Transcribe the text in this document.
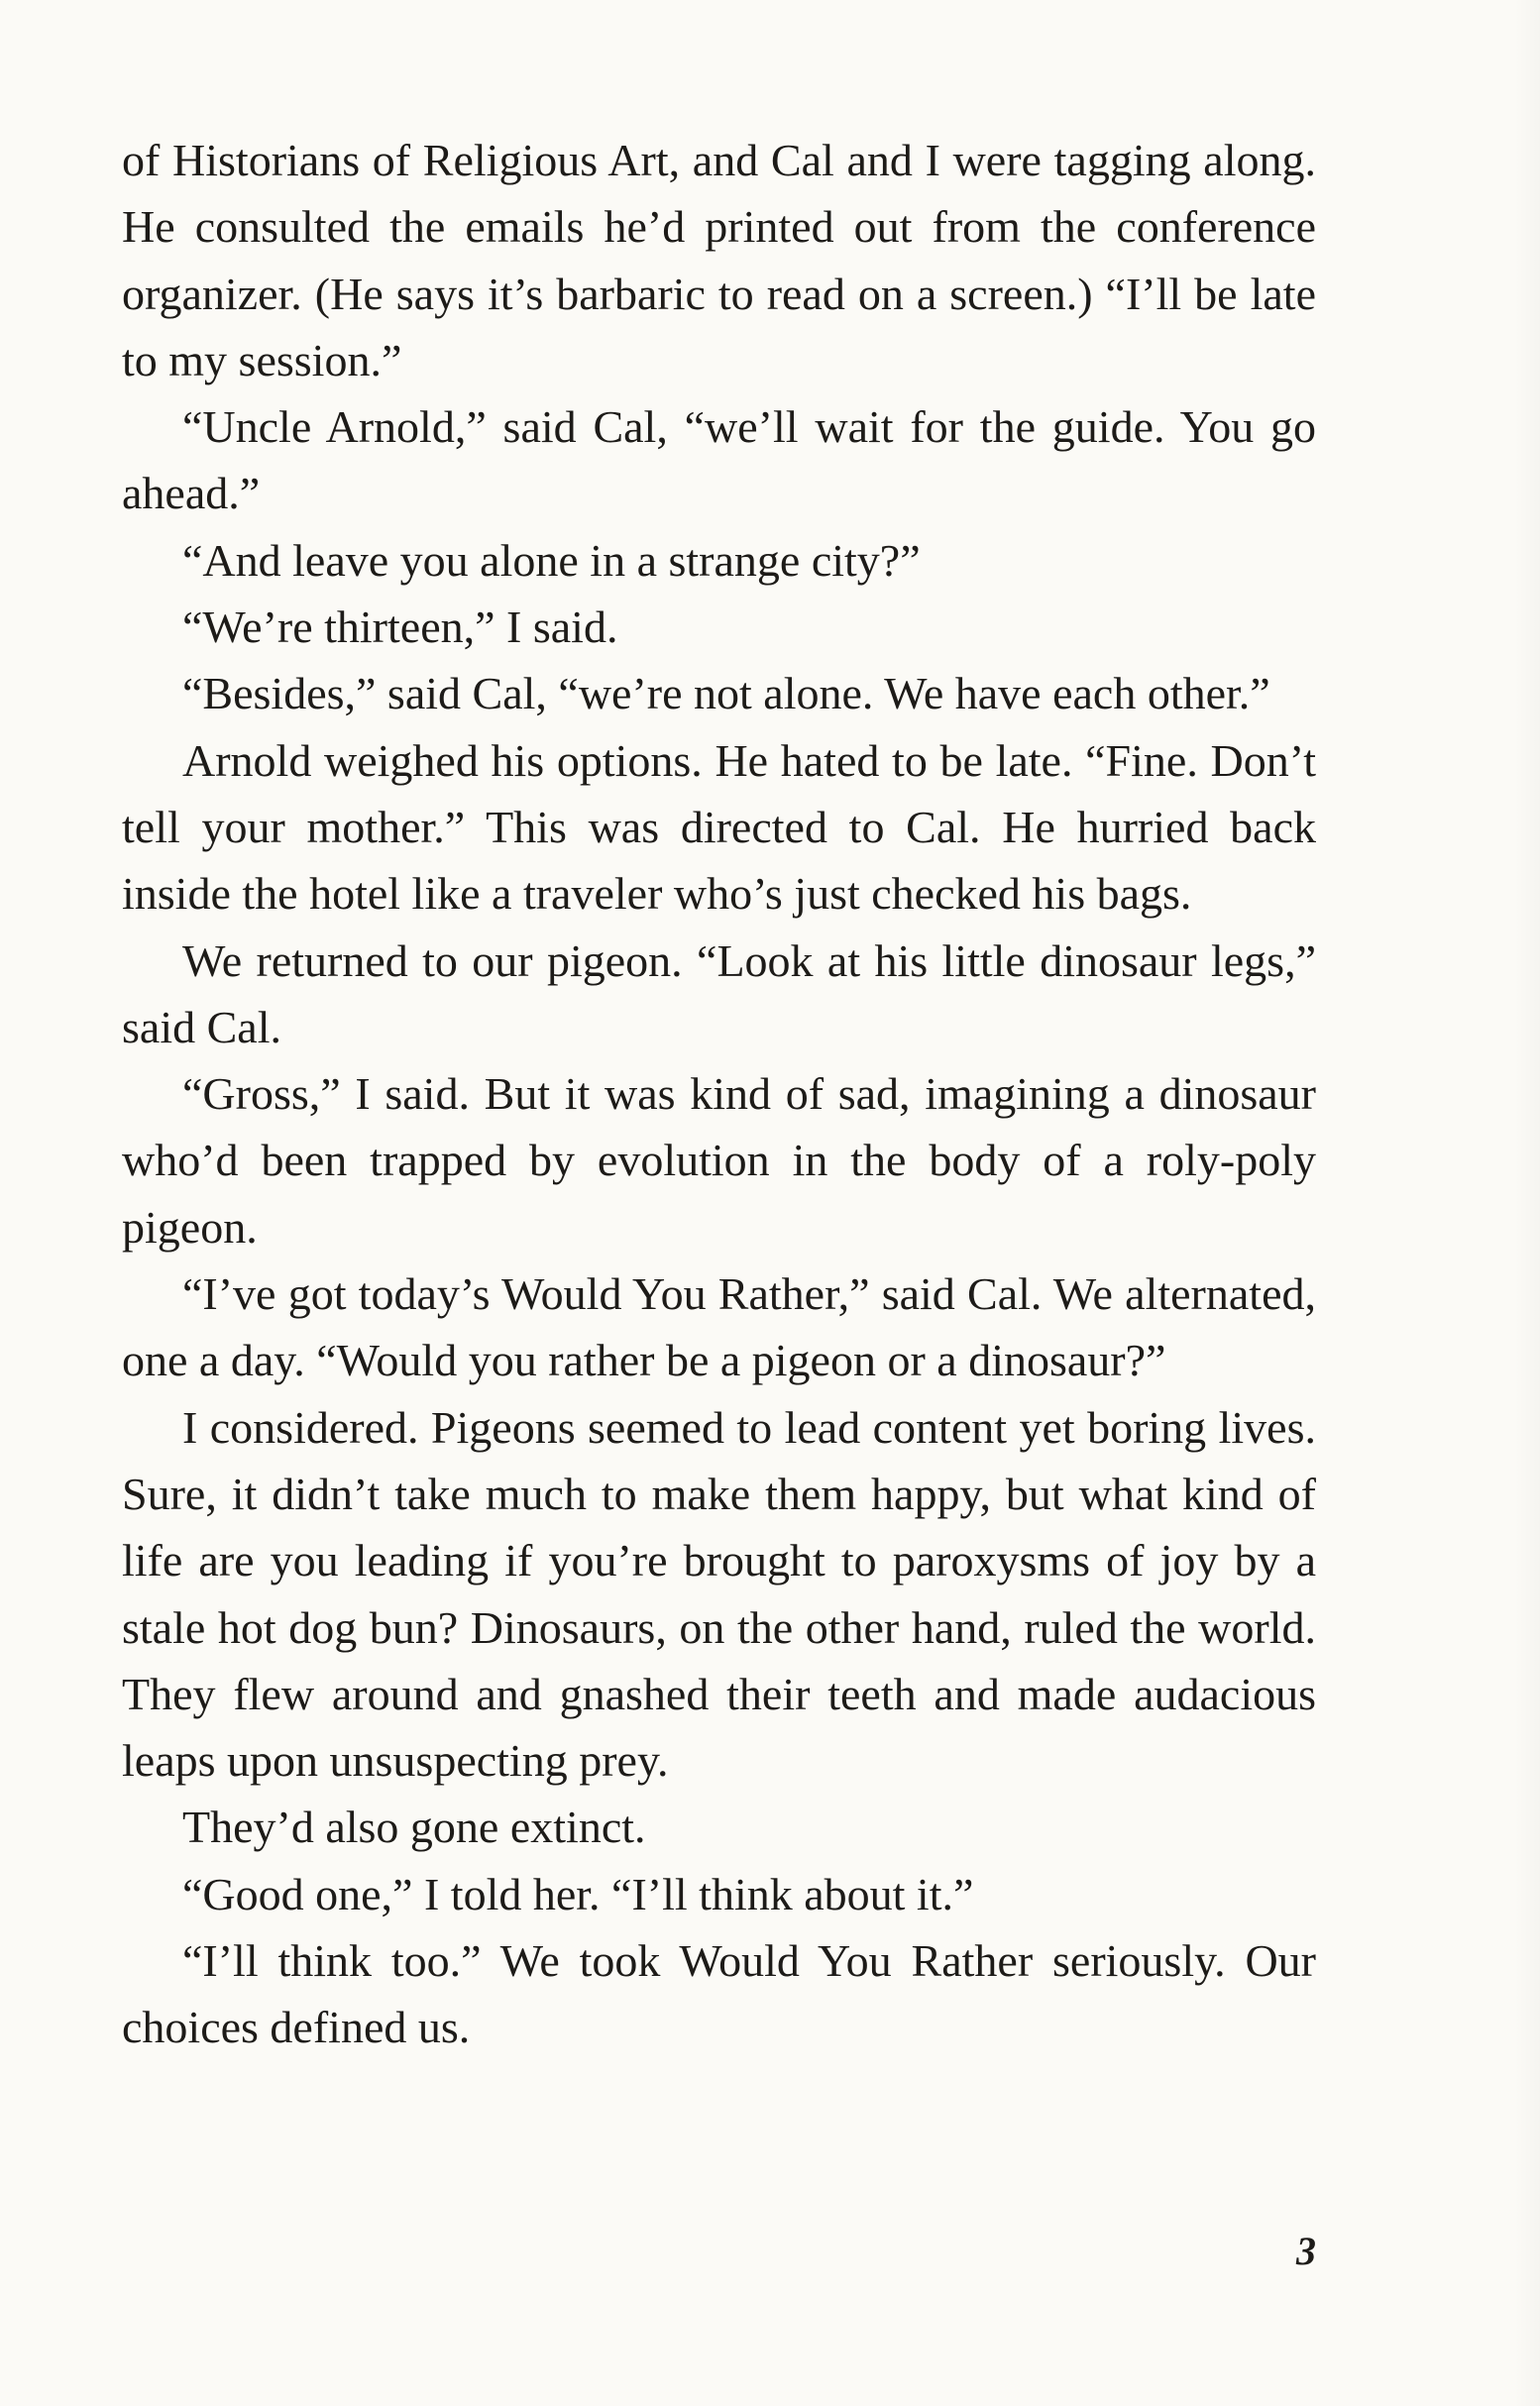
of Historians of Religious Art, and Cal and I were tagging along. He consulted the emails he’d printed out from the conference organizer. (He says it’s barbaric to read on a screen.) “I’ll be late to my session.”

“Uncle Arnold,” said Cal, “we’ll wait for the guide. You go ahead.”

“And leave you alone in a strange city?”

“We’re thirteen,” I said.

“Besides,” said Cal, “we’re not alone. We have each other.”

Arnold weighed his options. He hated to be late. “Fine. Don’t tell your mother.” This was directed to Cal. He hurried back inside the hotel like a traveler who’s just checked his bags.

We returned to our pigeon. “Look at his little dinosaur legs,” said Cal.

“Gross,” I said. But it was kind of sad, imagining a dinosaur who’d been trapped by evolution in the body of a roly-poly pigeon.

“I’ve got today’s Would You Rather,” said Cal. We alternated, one a day. “Would you rather be a pigeon or a dinosaur?”

I considered. Pigeons seemed to lead content yet boring lives. Sure, it didn’t take much to make them happy, but what kind of life are you leading if you’re brought to paroxysms of joy by a stale hot dog bun? Dinosaurs, on the other hand, ruled the world. They flew around and gnashed their teeth and made audacious leaps upon unsuspecting prey.

They’d also gone extinct.

“Good one,” I told her. “I’ll think about it.”

“I’ll think too.” We took Would You Rather seriously. Our choices defined us.

3
